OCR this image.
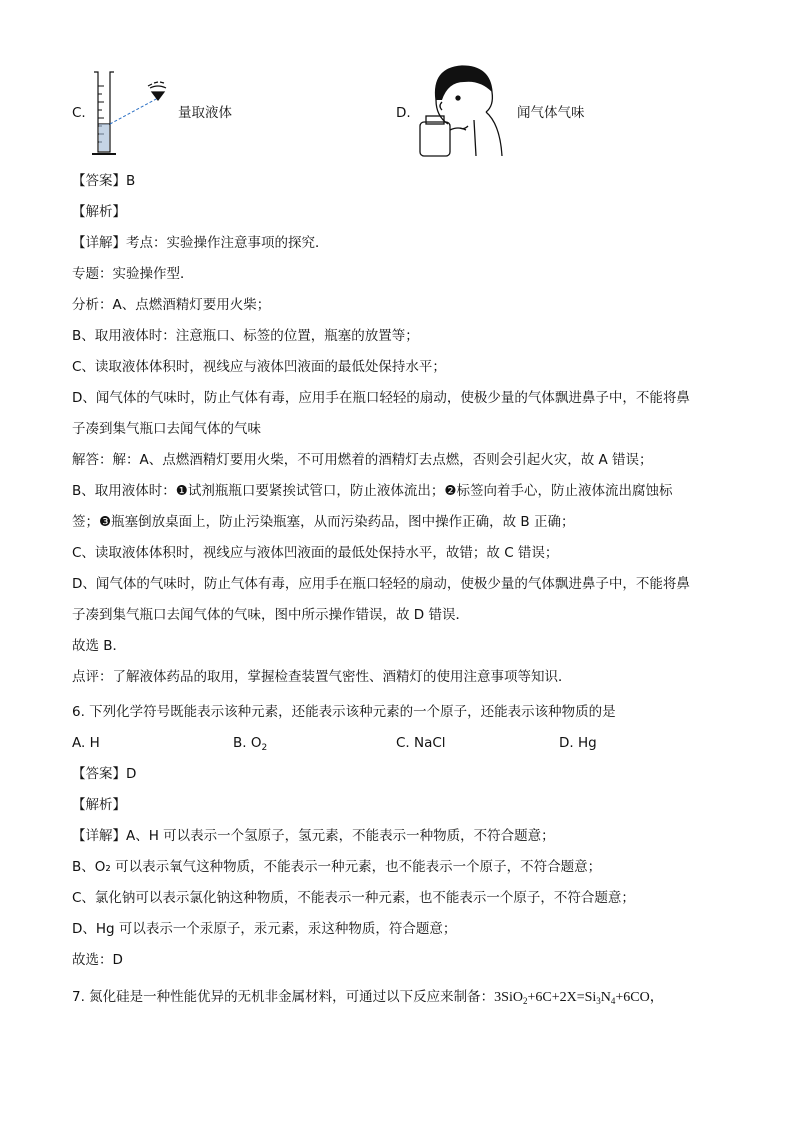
C.	量取液体	D.	闻气体气味
【答案】B
【解析】
【详解】考点：实验操作注意事项的探究．
专题：实验操作型．
分析：A、点燃酒精灯要用火柴；
B、取用液体时：注意瓶口、标签的位置，瓶塞的放置等；
C、读取液体体积时，视线应与液体凹液面的最低处保持水平；
D、闻气体的气味时，防止气体有毒，应用手在瓶口轻轻的扇动，使极少量的气体飘进鼻子中，不能将鼻
子凑到集气瓶口去闻气体的气味
解答：解：A、点燃酒精灯要用火柴，不可用燃着的酒精灯去点燃，否则会引起火灾，故 A 错误；
B、取用液体时：❶试剂瓶瓶口要紧挨试管口，防止液体流出；❷标签向着手心，防止液体流出腐蚀标
签；❸瓶塞倒放桌面上，防止污染瓶塞，从而污染药品，图中操作正确，故 B 正确；
C、读取液体体积时，视线应与液体凹液面的最低处保持水平，故错；故 C 错误；
D、闻气体的气味时，防止气体有毒，应用手在瓶口轻轻的扇动，使极少量的气体飘进鼻子中，不能将鼻
子凑到集气瓶口去闻气体的气味，图中所示操作错误，故 D 错误．
故选 B．
点评：了解液体药品的取用，掌握检查装置气密性、酒精灯的使用注意事项等知识．
6. 下列化学符号既能表示该种元素，还能表示该种元素的一个原子，还能表示该种物质的是
A. H	B. $O_2$	C. NaCl	D. Hg
【答案】D
【解析】
【详解】A、H 可以表示一个氢原子，氢元素，不能表示一种物质，不符合题意；
B、O₂ 可以表示氧气这种物质，不能表示一种元素，也不能表示一个原子，不符合题意；
C、氯化钠可以表示氯化钠这种物质，不能表示一种元素，也不能表示一个原子，不符合题意；
D、Hg 可以表示一个汞原子，汞元素，汞这种物质，符合题意；
故选：D
7. 氮化硅是一种性能优异的无机非金属材料，可通过以下反应来制备：$3SiO_2+6C+2X=Si_3N_4+6CO$，
